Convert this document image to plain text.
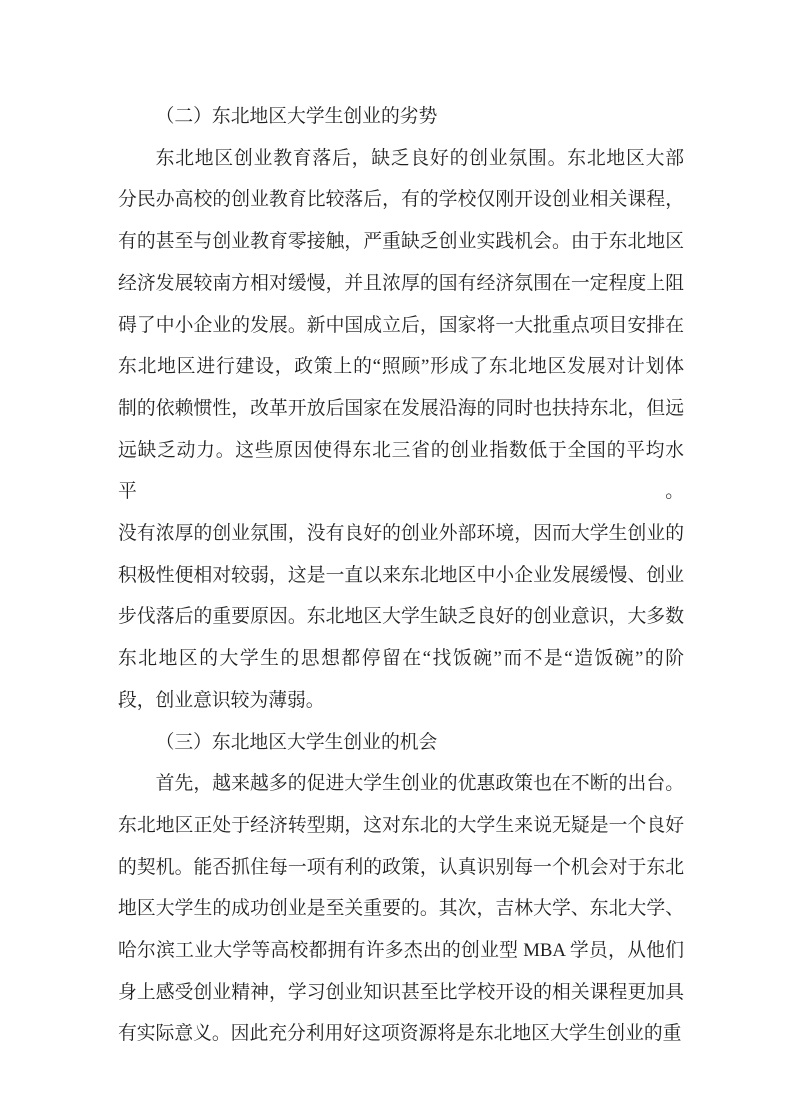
（二）东北地区大学生创业的劣势
东北地区创业教育落后，缺乏良好的创业氛围。东北地区大部
分民办高校的创业教育比较落后，有的学校仅刚开设创业相关课程，
有的甚至与创业教育零接触，严重缺乏创业实践机会。由于东北地区
经济发展较南方相对缓慢，并且浓厚的国有经济氛围在一定程度上阻
碍了中小企业的发展。新中国成立后，国家将一大批重点项目安排在
东北地区进行建设，政策上的“照顾”形成了东北地区发展对计划体
制的依赖惯性，改革开放后国家在发展沿海的同时也扶持东北，但远
远缺乏动力。这些原因使得东北三省的创业指数低于全国的平均水平。
没有浓厚的创业氛围，没有良好的创业外部环境，因而大学生创业的
积极性便相对较弱，这是一直以来东北地区中小企业发展缓慢、创业
步伐落后的重要原因。东北地区大学生缺乏良好的创业意识，大多数
东北地区的大学生的思想都停留在“找饭碗”而不是“造饭碗”的阶
段，创业意识较为薄弱。
（三）东北地区大学生创业的机会
首先，越来越多的促进大学生创业的优惠政策也在不断的出台。
东北地区正处于经济转型期，这对东北的大学生来说无疑是一个良好
的契机。能否抓住每一项有利的政策，认真识别每一个机会对于东北
地区大学生的成功创业是至关重要的。其次，吉林大学、东北大学、
哈尔滨工业大学等高校都拥有许多杰出的创业型 MBA 学员，从他们
身上感受创业精神，学习创业知识甚至比学校开设的相关课程更加具
有实际意义。因此充分利用好这项资源将是东北地区大学生创业的重
